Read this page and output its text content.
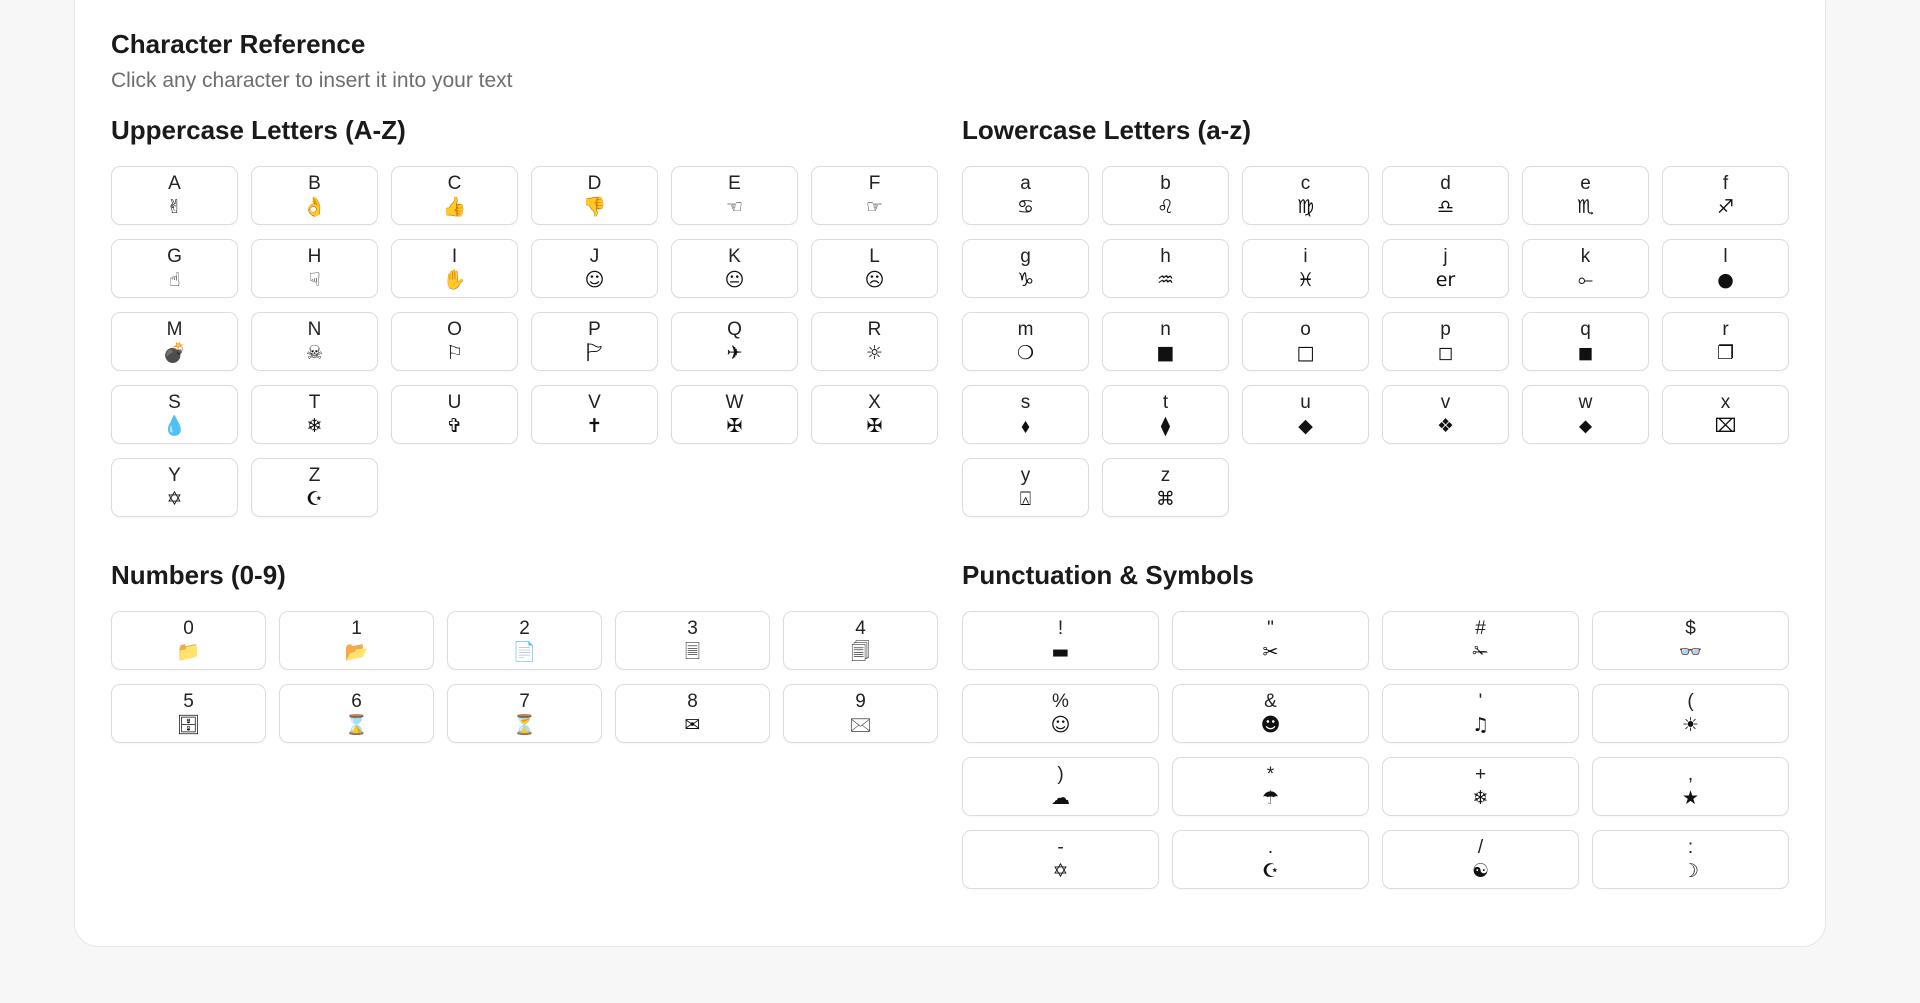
Character Reference

Click any character to insert it into your text

Uppercase Letters (A-Z)
A
✌
B
👌
C
👍
D
👎
E
☜
F
☞
G
☝
H
☟
I
✋
J
☺
K
😐
L
☹
M
💣
N
☠
O
⚐
P
🏱
Q
✈
R
☼
S
💧
T
❄
U
✞
V
✝
W
✠
X
✠
Y
✡
Z
☪
Lowercase Letters (a-z)
a
♋
b
♌
c
♍
d
♎
e
♏
f
♐
g
♑
h
♒
i
♓
j
er
k
⟜
l
●
m
❍
n
■
o
□
p
◻
q
◼
r
❐
s
⬧
t
⧫
u
◆
v
❖
w
⬥
x
⌧
y
⍓
z
⌘
Numbers (0-9)
0
📁
1
📂
2
📄
3
🗏
4
🗐
5
🗄
6
⌛
7
⏳
8
✉
9
🖂
Punctuation & Symbols
!
▬
"
✂
#
✁
$
👓
%
☺
&
☻
'
♫
(
☀
)
☁
*
☂
+
❄
,
★
-
✡
.
☪
/
☯
:
☽
